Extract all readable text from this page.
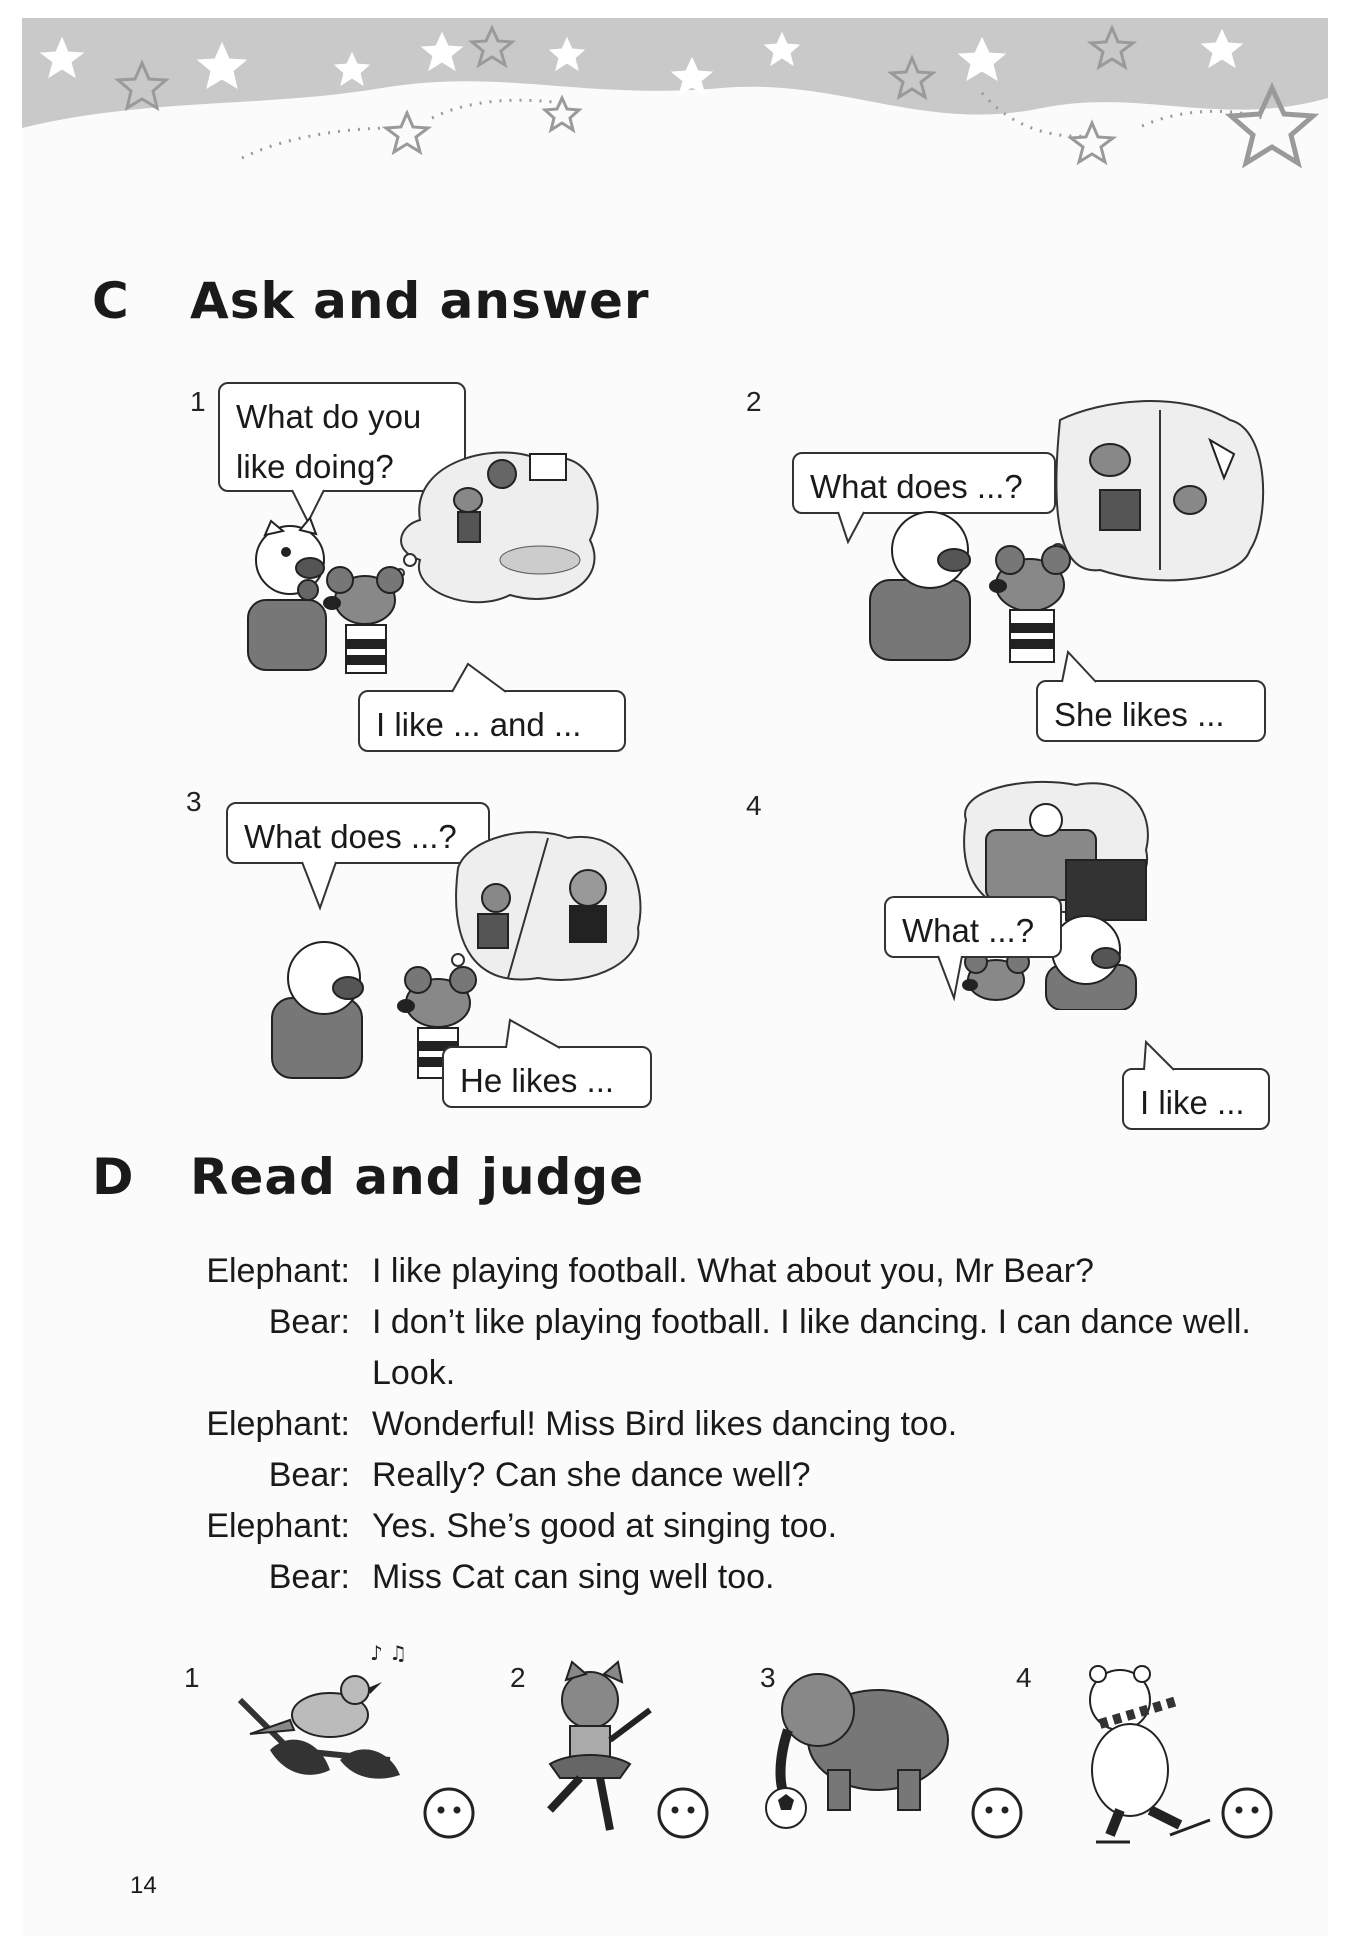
C Ask and answer
1 What do you
like doing?
I like ... and ...
2
What does ...?
She likes ...
3
What does ...?
He likes ...
4
What ...?
I like ...
D Read and judge
Elephant: I like playing football. What about you, Mr Bear?
Bear: I don’t like playing football. I like dancing. I can dance well. Look.
Elephant: Wonderful! Miss Bird likes dancing too.
Bear: Really? Can she dance well?
Elephant: Yes. She’s good at singing too.
Bear: Miss Cat can sing well too.
1
♪ ♫
2	3	4
14
